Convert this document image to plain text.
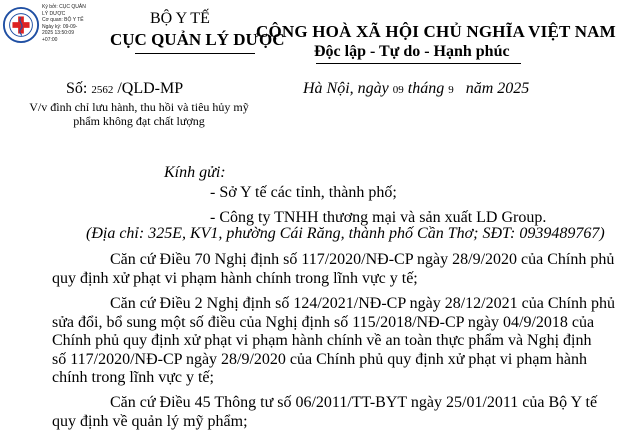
Ký bởi: CỤC QUẢN
LÝ DƯỢC
Cơ quan: BỘ Y TẾ
Ngày ký: 09-09-
2025 13:50:09
+07:00
BỘ Y TẾ
CỤC QUẢN LÝ DƯỢC
CỘNG HOÀ XÃ HỘI CHỦ NGHĨA VIỆT NAM
Độc lập - Tự do - Hạnh phúc
Số: 2562 /QLD-MP	Hà Nội, ngày 09 tháng 9 năm 2025
V/v đình chỉ lưu hành, thu hồi và tiêu hủy mỹ phẩm không đạt chất lượng
Kính gửi:
- Sở Y tế các tỉnh, thành phố;
- Công ty TNHH thương mại và sản xuất LD Group.
(Địa chỉ: 325E, KV1, phường Cái Răng, thành phố Cần Thơ; SĐT: 0939489767)
Căn cứ Điều 70 Nghị định số 117/2020/NĐ-CP ngày 28/9/2020 của Chính phủ
quy định xử phạt vi phạm hành chính trong lĩnh vực y tế;
Căn cứ Điều 2 Nghị định số 124/2021/NĐ-CP ngày 28/12/2021 của Chính phủ
sửa đổi, bổ sung một số điều của Nghị định số 115/2018/NĐ-CP ngày 04/9/2018 của
Chính phủ quy định xử phạt vi phạm hành chính về an toàn thực phẩm và Nghị định
số 117/2020/NĐ-CP ngày 28/9/2020 của Chính phủ quy định xử phạt vi phạm hành
chính trong lĩnh vực y tế;
Căn cứ Điều 45 Thông tư số 06/2011/TT-BYT ngày 25/01/2011 của Bộ Y tế
quy định về quản lý mỹ phẩm;
